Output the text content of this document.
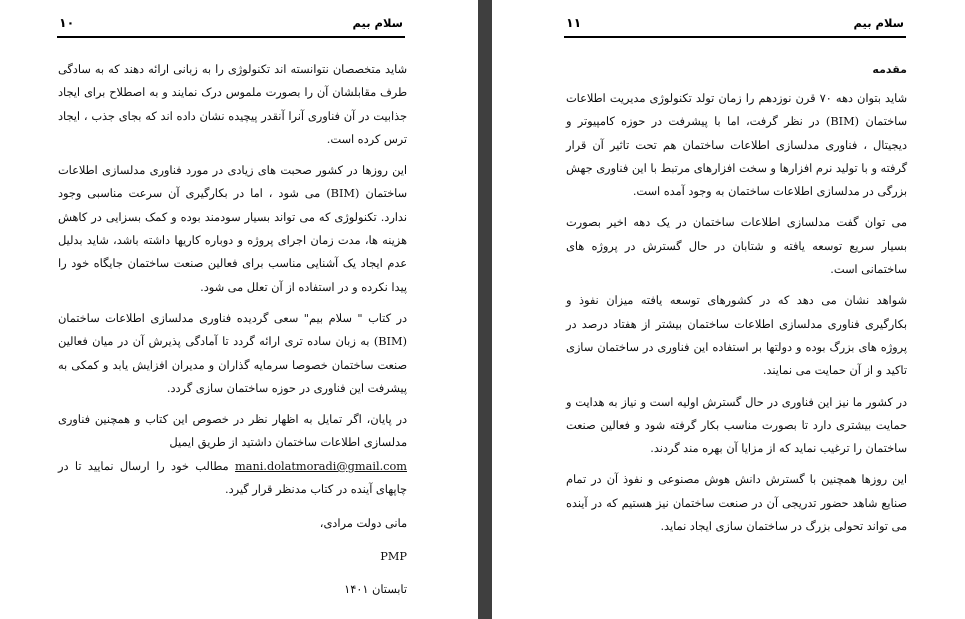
سلام بیم
۱۰

شاید متخصصان نتوانسته اند تکنولوژی را به زبانی ارائه دهند که به سادگی طرف مقابلشان آن را بصورت ملموس درک نمایند و به اصطلاح برای ایجاد جذابیت در آن فناوری آنرا آنقدر پیچیده نشان داده اند که بجای جذب ، ایجاد ترس کرده است.

این روزها در کشور صحبت های زیادی در مورد فناوری مدلسازی اطلاعات ساختمان (BIM) می شود ، اما در بکارگیری آن سرعت مناسبی وجود ندارد. تکنولوژی که می تواند بسیار سودمند بوده و کمک بسزایی در کاهش هزینه ها، مدت زمان اجرای پروژه و دوباره کاریها داشته باشد، شاید بدلیل عدم ایجاد یک آشنایی مناسب برای فعالین صنعت ساختمان جایگاه خود را پیدا نکرده و در استفاده از آن تعلل می شود.

در کتاب " سلام بیم" سعی گردیده فناوری مدلسازی اطلاعات ساختمان (BIM) به زبان ساده تری ارائه گردد تا آمادگی پذیرش آن در میان فعالین صنعت ساختمان خصوصا سرمایه گذاران و مدیران افزایش یابد و کمکی به پیشرفت این فناوری در حوزه ساختمان سازی گردد.

در پایان، اگر تمایل به اظهار نظر در خصوص این کتاب و همچنین فناوری مدلسازی اطلاعات ساختمان داشتید از طریق ایمیل

mani.dolatmoradi@gmail.com مطالب خود را ارسال نمایید تا در چاپهای آینده در کتاب مدنظر قرار گیرد.

مانی دولت مرادی، PMP
تابستان ۱۴۰۱
سلام بیم
۱۱
مقدمه

شاید بتوان دهه ۷۰ قرن نوزدهم را زمان تولد تکنولوژی مدیریت اطلاعات ساختمان (BIM) در نظر گرفت، اما با پیشرفت در حوزه کامپیوتر و دیجیتال ، فناوری مدلسازی اطلاعات ساختمان هم تحت تاثیر آن قرار گرفته و با تولید نرم افزارها و سخت افزارهای مرتبط با این فناوری جهش بزرگی در مدلسازی اطلاعات ساختمان به وجود آمده است.

می توان گفت مدلسازی اطلاعات ساختمان در یک دهه اخیر بصورت بسیار سریع توسعه یافته و شتابان در حال گسترش در پروژه های ساختمانی است.

شواهد نشان می دهد که در کشورهای توسعه یافته میزان نفوذ و بکارگیری فناوری مدلسازی اطلاعات ساختمان بیشتر از هفتاد درصد در پروژه های بزرگ بوده و دولتها بر استفاده این فناوری در ساختمان سازی تاکید و از آن حمایت می نمایند.

در کشور ما نیز این فناوری در حال گسترش اولیه است و نیاز به هدایت و حمایت بیشتری دارد تا بصورت مناسب بکار گرفته شود و فعالین صنعت ساختمان را ترغیب نماید که از مزایا آن بهره مند گردند.

این روزها همچنین با گسترش دانش هوش مصنوعی و نفوذ آن در تمام صنایع شاهد حضور تدریجی آن در صنعت ساختمان نیز هستیم که در آینده می تواند تحولی بزرگ در ساختمان سازی ایجاد نماید.
